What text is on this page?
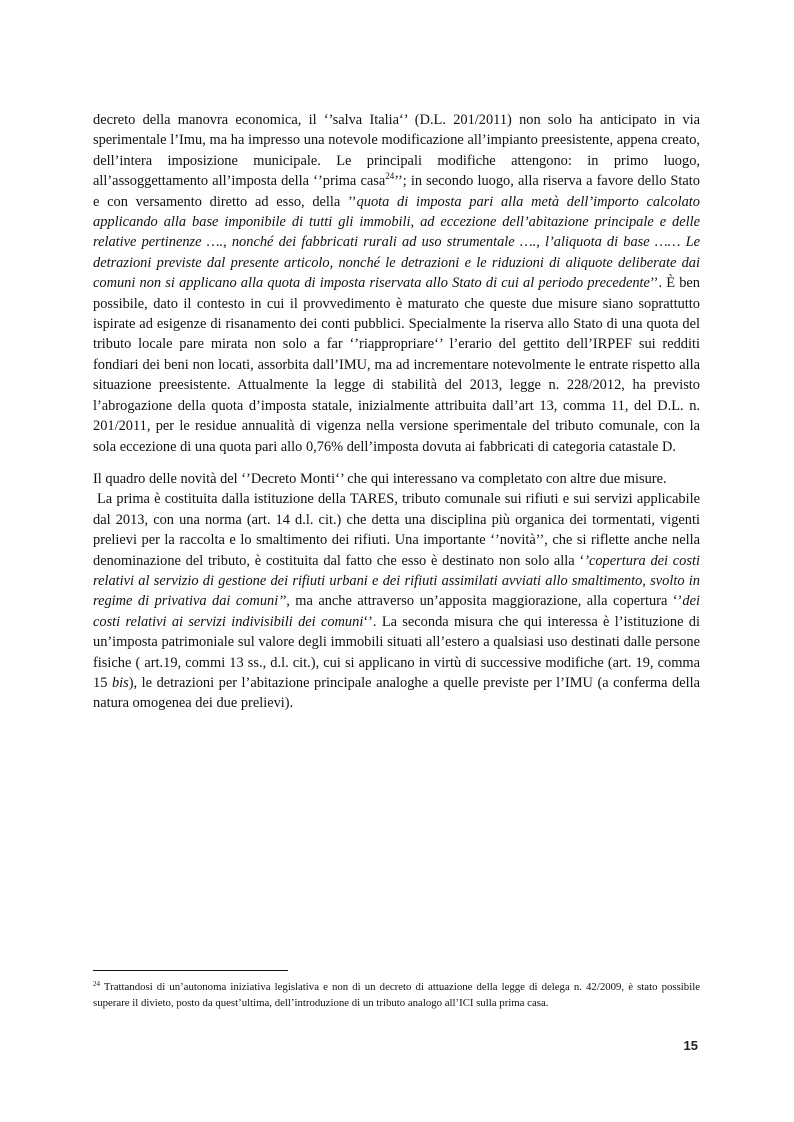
decreto della manovra economica, il ‘’salva Italia‘’ (D.L. 201/2011) non solo ha anticipato in via sperimentale l’Imu, ma ha impresso una notevole modificazione all’impianto preesistente, appena creato, dell’intera imposizione municipale. Le principali modifiche attengono: in primo luogo, all’assoggettamento all’imposta della ‘’prima casa$^{24}$’’; in secondo luogo, alla riserva a favore dello Stato e con versamento diretto ad esso, della ’’quota di imposta pari alla metà dell’importo calcolato applicando alla base imponibile di tutti gli immobili, ad eccezione dell’abitazione principale e delle relative pertinenze …., nonché dei fabbricati rurali ad uso strumentale …., l’aliquota di base …… Le detrazioni previste dal presente articolo, nonché le detrazioni e le riduzioni di aliquote deliberate dai comuni non si applicano alla quota di imposta riservata allo Stato di cui al periodo precedente’’. È ben possibile, dato il contesto in cui il provvedimento è maturato che queste due misure siano soprattutto ispirate ad esigenze di risanamento dei conti pubblici. Specialmente la riserva allo Stato di una quota del tributo locale pare mirata non solo a far ‘’riappropriare‘’ l’erario del gettito dell’IRPEF sui redditi fondiari dei beni non locati, assorbita dall’IMU, ma ad incrementare notevolmente le entrate rispetto alla situazione preesistente. Attualmente la legge di stabilità del 2013, legge n. 228/2012, ha previsto l’abrogazione della quota d’imposta statale, inizialmente attribuita dall’art 13, comma 11, del D.L. n. 201/2011, per le residue annualità di vigenza nella versione sperimentale del tributo comunale, con la sola eccezione di una quota pari allo 0,76% dell’imposta dovuta ai fabbricati di categoria catastale D.

Il quadro delle novità del ‘’Decreto Monti‘’ che qui interessano va completato con altre due misure.

La prima è costituita dalla istituzione della TARES, tributo comunale sui rifiuti e sui servizi applicabile dal 2013, con una norma (art. 14 d.l. cit.) che detta una disciplina più organica dei tormentati, vigenti prelievi per la raccolta e lo smaltimento dei rifiuti. Una importante ‘’novità’’, che si riflette anche nella denominazione del tributo, è costituita dal fatto che esso è destinato non solo alla ‘’copertura dei costi relativi al servizio di gestione dei rifiuti urbani e dei rifiuti assimilati avviati allo smaltimento, svolto in regime di privativa dai comuni’’, ma anche attraverso un’apposita maggiorazione, alla copertura ‘’dei costi relativi ai servizi indivisibili dei comuni‘’. La seconda misura che qui interessa è l’istituzione di un’imposta patrimoniale sul valore degli immobili situati all’estero a qualsiasi uso destinati dalle persone fisiche ( art.19, commi 13 ss., d.l. cit.), cui si applicano in virtù di successive modifiche (art. 19, comma 15 bis), le detrazioni per l’abitazione principale analoghe a quelle previste per l’IMU (a conferma della natura omogenea dei due prelievi).

$^{24}$ Trattandosi di un’autonoma iniziativa legislativa e non di un decreto di attuazione della legge di delega n. 42/2009, è stato possibile superare il divieto, posto da quest’ultima, dell’introduzione di un tributo analogo all’ICI sulla prima casa.

15
